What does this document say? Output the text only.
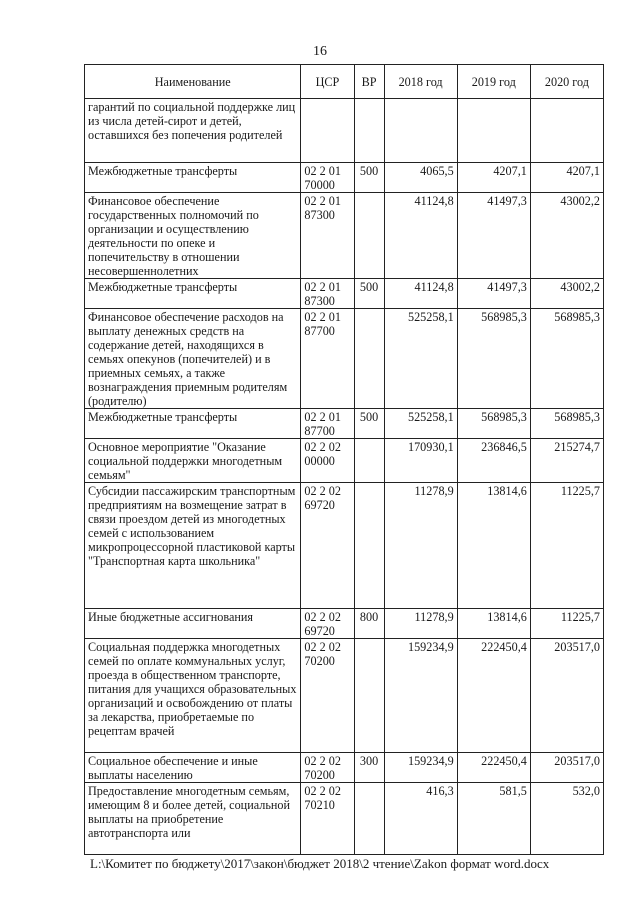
16
Наименование	ЦСР	ВР	2018 год	2019 год	2020 год
гарантий по социальной поддержке лиц из числа детей-сирот и детей, оставшихся без попечения родителей					
Межбюджетные трансферты	02 2 01 70000	500	4065,5	4207,1	4207,1
Финансовое обеспечение государственных полномочий по организации и осуществлению деятельности по опеке и попечительству в отношении несовершеннолетних	02 2 01 87300		41124,8	41497,3	43002,2
Межбюджетные трансферты	02 2 01 87300	500	41124,8	41497,3	43002,2
Финансовое обеспечение расходов на выплату денежных средств на содержание детей, находящихся в семьях опекунов (попечителей) и в приемных семьях, а также вознаграждения приемным родителям (родителю)	02 2 01 87700		525258,1	568985,3	568985,3
Межбюджетные трансферты	02 2 01 87700	500	525258,1	568985,3	568985,3
Основное мероприятие "Оказание социальной поддержки многодетным семьям"	02 2 02 00000		170930,1	236846,5	215274,7
Субсидии пассажирским транспортным предприятиям на возмещение затрат в связи проездом детей из многодетных семей с использованием микропроцессорной пластиковой карты "Транспортная карта школьника"	02 2 02 69720		11278,9	13814,6	11225,7
Иные бюджетные ассигнования	02 2 02 69720	800	11278,9	13814,6	11225,7
Социальная поддержка многодетных семей по оплате коммунальных услуг, проезда в общественном транспорте, питания для учащихся образовательных организаций и освобождению от платы за лекарства, приобретаемые по рецептам врачей	02 2 02 70200		159234,9	222450,4	203517,0
Социальное обеспечение и иные выплаты населению	02 2 02 70200	300	159234,9	222450,4	203517,0
Предоставление многодетным семьям, имеющим 8 и более детей, социальной выплаты на приобретение автотранспорта или	02 2 02 70210		416,3	581,5	532,0
L:\Комитет по бюджету\2017\закон\бюджет 2018\2 чтение\Zakon формат word.docx
